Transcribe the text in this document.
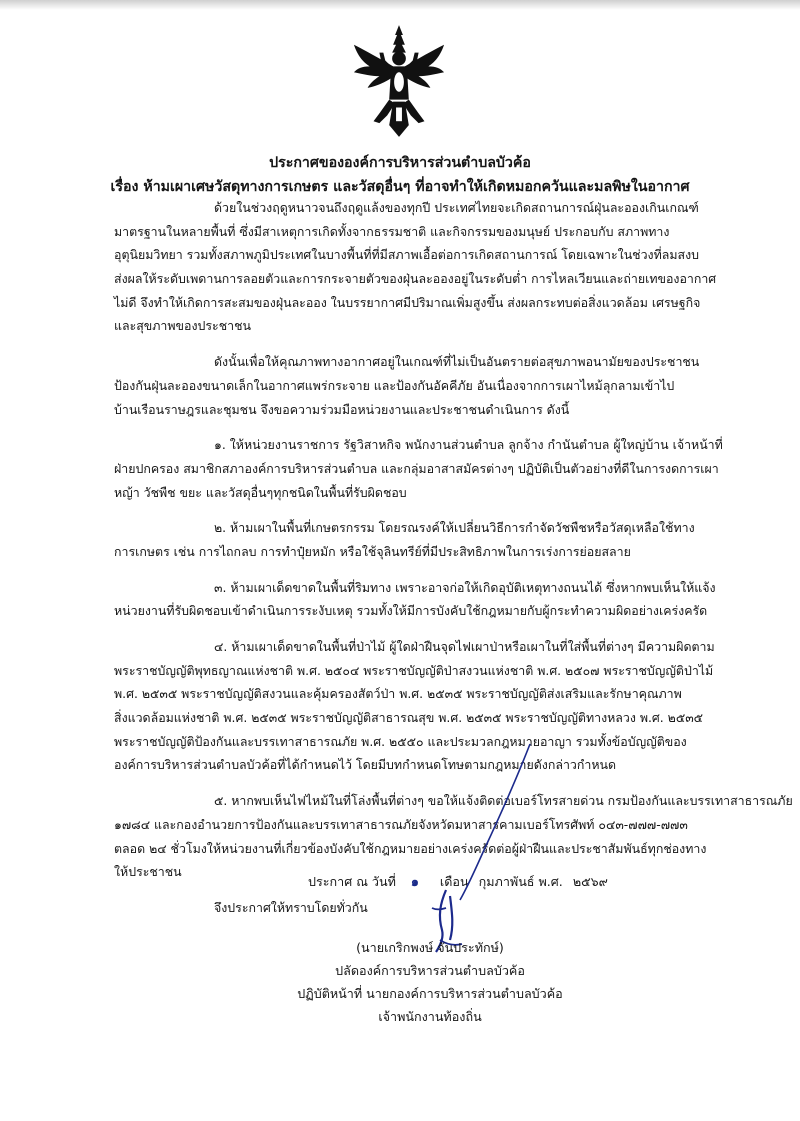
ประกาศขององค์การบริหารส่วนตำบลบัวค้อ
เรื่อง ห้ามเผาเศษวัสดุทางการเกษตร และวัสดุอื่นๆ ที่อาจทำให้เกิดหมอกควันและมลพิษในอากาศ
ด้วยในช่วงฤดูหนาวจนถึงฤดูแล้งของทุกปี ประเทศไทยจะเกิดสถานการณ์ฝุ่นละอองเกินเกณฑ์
มาตรฐานในหลายพื้นที่ ซึ่งมีสาเหตุการเกิดทั้งจากธรรมชาติ และกิจกรรมของมนุษย์ ประกอบกับ สภาพทาง
อุตุนิยมวิทยา รวมทั้งสภาพภูมิประเทศในบางพื้นที่ที่มีสภาพเอื้อต่อการเกิดสถานการณ์ โดยเฉพาะในช่วงที่ลมสงบ
ส่งผลให้ระดับเพดานการลอยตัวและการกระจายตัวของฝุ่นละอองอยู่ในระดับต่ำ การไหลเวียนและถ่ายเทของอากาศ
ไม่ดี จึงทำให้เกิดการสะสมของฝุ่นละออง ในบรรยากาศมีปริมาณเพิ่มสูงขึ้น ส่งผลกระทบต่อสิ่งแวดล้อม เศรษฐกิจ
และสุขภาพของประชาชน
ดังนั้นเพื่อให้คุณภาพทางอากาศอยู่ในเกณฑ์ที่ไม่เป็นอันตรายต่อสุขภาพอนามัยของประชาชน
ป้องกันฝุ่นละอองขนาดเล็กในอากาศแพร่กระจาย และป้องกันอัคคีภัย อันเนื่องจากการเผาไหม้ลุกลามเข้าไป
บ้านเรือนราษฎรและชุมชน จึงขอความร่วมมือหน่วยงานและประชาชนดำเนินการ ดังนี้
๑. ให้หน่วยงานราชการ รัฐวิสาหกิจ พนักงานส่วนตำบล ลูกจ้าง กำนันตำบล ผู้ใหญ่บ้าน เจ้าหน้าที่
ฝ่ายปกครอง สมาชิกสภาองค์การบริหารส่วนตำบล และกลุ่มอาสาสมัครต่างๆ ปฏิบัติเป็นตัวอย่างที่ดีในการงดการเผา
หญ้า วัชพืช ขยะ และวัสดุอื่นๆทุกชนิดในพื้นที่รับผิดชอบ
๒. ห้ามเผาในพื้นที่เกษตรกรรม โดยรณรงค์ให้เปลี่ยนวิธีการกำจัดวัชพืชหรือวัสดุเหลือใช้ทาง
การเกษตร เช่น การไถกลบ การทำปุ๋ยหมัก หรือใช้จุลินทรีย์ที่มีประสิทธิภาพในการเร่งการย่อยสลาย
๓. ห้ามเผาเด็ดขาดในพื้นที่ริมทาง เพราะอาจก่อให้เกิดอุบัติเหตุทางถนนได้ ซึ่งหากพบเห็นให้แจ้ง
หน่วยงานที่รับผิดชอบเข้าดำเนินการระงับเหตุ รวมทั้งให้มีการบังคับใช้กฎหมายกับผู้กระทำความผิดอย่างเคร่งครัด
๔. ห้ามเผาเด็ดขาดในพื้นที่ป่าไม้ ผู้ใดฝ่าฝืนจุดไฟเผาป่าหรือเผาในที่ใส่พื้นที่ต่างๆ มีความผิดตาม
พระราชบัญญัติพุทธญาณแห่งชาติ พ.ศ. ๒๕๐๔ พระราชบัญญัติป่าสงวนแห่งชาติ พ.ศ. ๒๕๐๗ พระราชบัญญัติป่าไม้
พ.ศ. ๒๕๓๕ พระราชบัญญัติสงวนและคุ้มครองสัตว์ป่า พ.ศ. ๒๕๓๕ พระราชบัญญัติส่งเสริมและรักษาคุณภาพ
สิ่งแวดล้อมแห่งชาติ พ.ศ. ๒๕๓๕ พระราชบัญญัติสาธารณสุข พ.ศ. ๒๕๓๕ พระราชบัญญัติทางหลวง พ.ศ. ๒๕๓๕
พระราชบัญญัติป้องกันและบรรเทาสาธารณภัย พ.ศ. ๒๕๕๐ และประมวลกฎหมายอาญา รวมทั้งข้อบัญญัติของ
องค์การบริหารส่วนตำบลบัวค้อที่ได้กำหนดไว้ โดยมีบทกำหนดโทษตามกฎหมายดังกล่าวกำหนด
๕. หากพบเห็นไฟไหม้ในที่โล่งพื้นที่ต่างๆ ขอให้แจ้งติดต่อเบอร์โทรสายด่วน กรมป้องกันและบรรเทาสาธารณภัย
๑๗๘๔ และกองอำนวยการป้องกันและบรรเทาสาธารณภัยจังหวัดมหาสารคามเบอร์โทรศัพท์ ๐๔๓-๗๗๗-๗๗๓
ตลอด ๒๔ ชั่วโมงให้หน่วยงานที่เกี่ยวข้องบังคับใช้กฎหมายอย่างเคร่งครัดต่อผู้ฝ่าฝืนและประชาสัมพันธ์ทุกช่องทาง
ให้ประชาชน
จึงประกาศให้ทราบโดยทั่วกัน
ประกาศ ณ วันที่ ๑ เดือน กุมภาพันธ์ พ.ศ. ๒๕๖๙
(นายเกริกพงษ์ จันประทักษ์)
ปลัดองค์การบริหารส่วนตำบลบัวค้อ
ปฏิบัติหน้าที่ นายกองค์การบริหารส่วนตำบลบัวค้อ
เจ้าพนักงานท้องถิ่น
